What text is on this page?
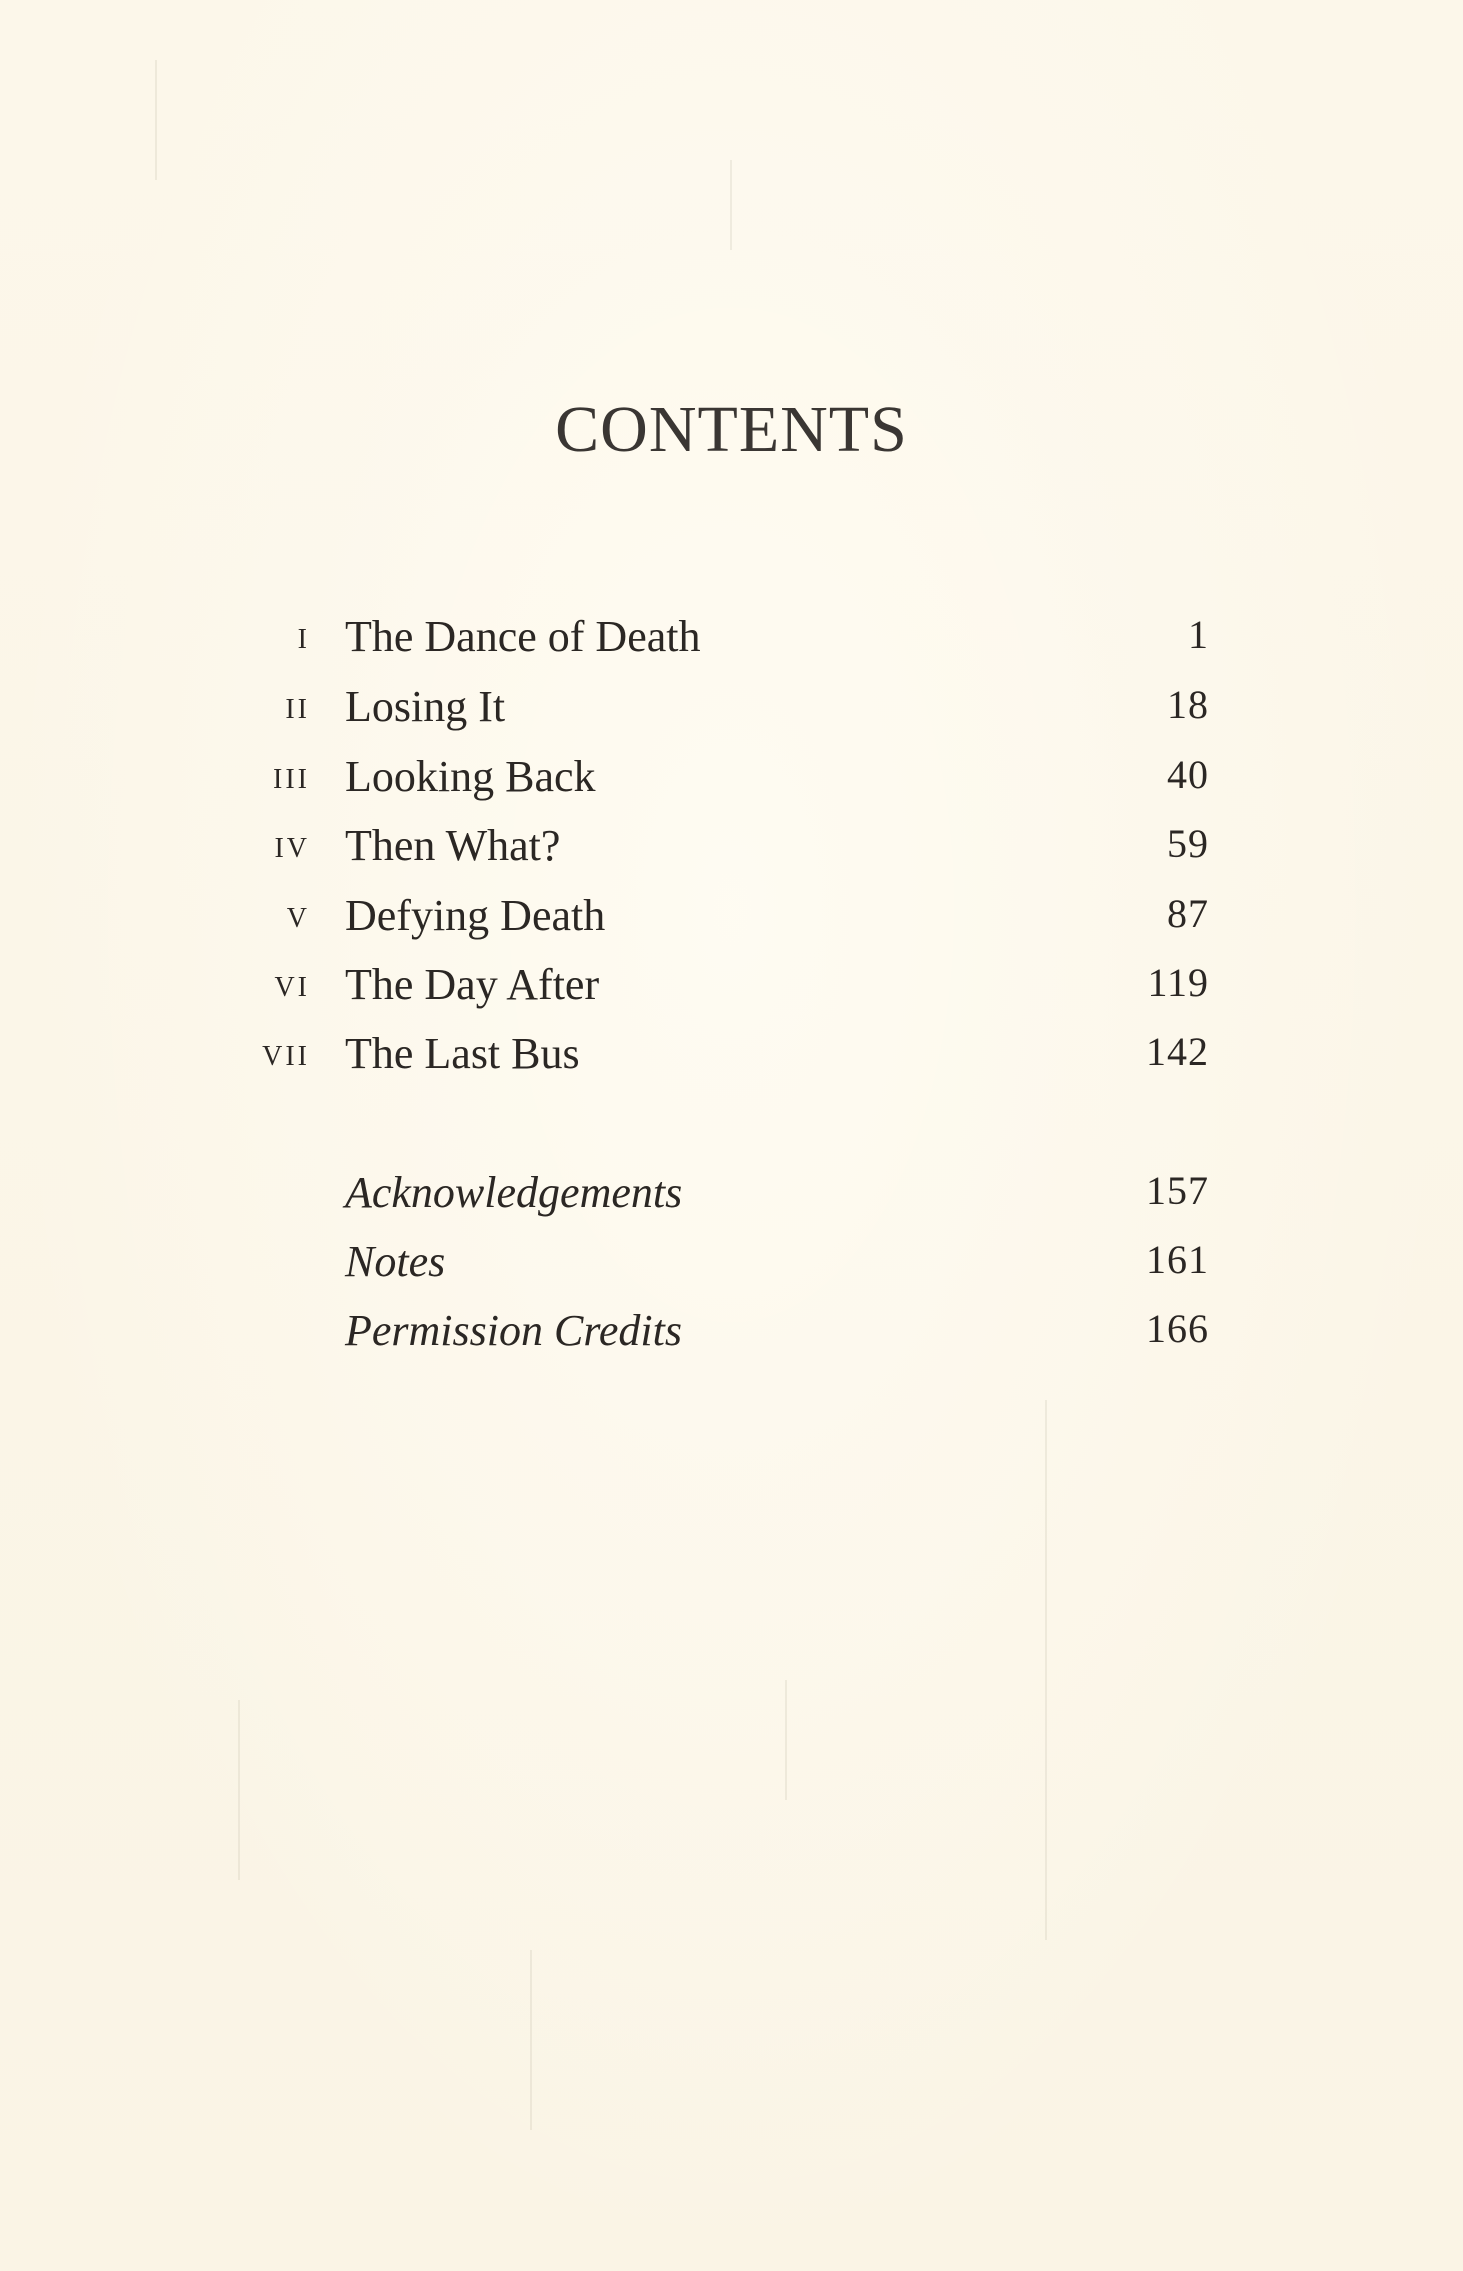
CONTENTS
i The Dance of Death	1
ii Losing It	18
iii Looking Back	40
iv Then What?	59
v Defying Death	87
vi The Day After	119
vii The Last Bus	142
Acknowledgements	157
Notes	161
Permission Credits	166
